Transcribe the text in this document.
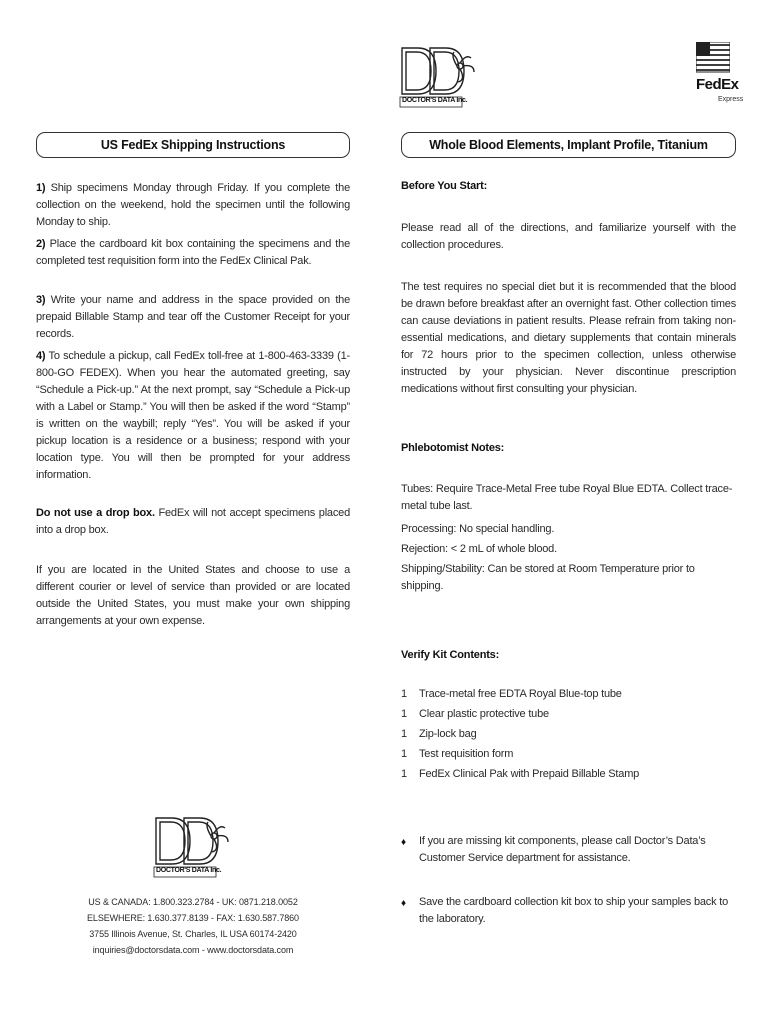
DOCTOR'S DATA Inc.
FedEx
Express
US FedEx Shipping Instructions	Whole Blood Elements, Implant Profile, Titanium
1) Ship specimens Monday through Friday. If you complete the collection on the weekend, hold the specimen until the following Monday to ship.
2) Place the cardboard kit box containing the specimens and the completed test requisition form into the FedEx Clinical Pak.
3) Write your name and address in the space provided on the prepaid Billable Stamp and tear off the Customer Receipt for your records.
4) To schedule a pickup, call FedEx toll-free at 1-800-463-3339 (1-800-GO FEDEX). When you hear the automated greeting, say “Schedule a Pick-up.” At the next prompt, say “Schedule a Pick-up with a Label or Stamp.” You will then be asked if the word “Stamp” is written on the waybill; reply “Yes”. You will be asked if your pickup location is a residence or a business; respond with your location type. You will then be prompted for your address information.
Do not use a drop box. FedEx will not accept specimens placed into a drop box.
If you are located in the United States and choose to use a different courier or level of service than provided or are located outside the United States, you must make your own shipping arrangements at your own expense.
Before You Start:
Please read all of the directions, and familiarize yourself with the collection procedures.
The test requires no special diet but it is recommended that the blood be drawn before breakfast after an overnight fast. Other collection times can cause deviations in patient results. Please refrain from taking non-essential medications, and dietary supplements that contain minerals for 72 hours prior to the specimen collection, unless otherwise instructed by your physician. Never discontinue prescription medications without first consulting your physician.
Phlebotomist Notes:
Tubes: Require Trace-Metal Free tube Royal Blue EDTA. Collect trace-metal tube last.
Processing: No special handling.
Rejection: < 2 mL of whole blood.
Shipping/Stability: Can be stored at Room Temperature prior to shipping.
Verify Kit Contents:
1 Trace-metal free EDTA Royal Blue-top tube
1 Clear plastic protective tube
1 Zip-lock bag
1 Test requisition form
1 FedEx Clinical Pak with Prepaid Billable Stamp
♦ If you are missing kit components, please call Doctor’s Data’s Customer Service department for assistance.
♦ Save the cardboard collection kit box to ship your samples back to the laboratory.
DOCTOR'S DATA Inc.
US & CANADA: 1.800.323.2784 - UK: 0871.218.0052
ELSEWHERE: 1.630.377.8139 - FAX: 1.630.587.7860
3755 Illinois Avenue, St. Charles, IL USA 60174-2420
inquiries@doctorsdata.com - www.doctorsdata.com
